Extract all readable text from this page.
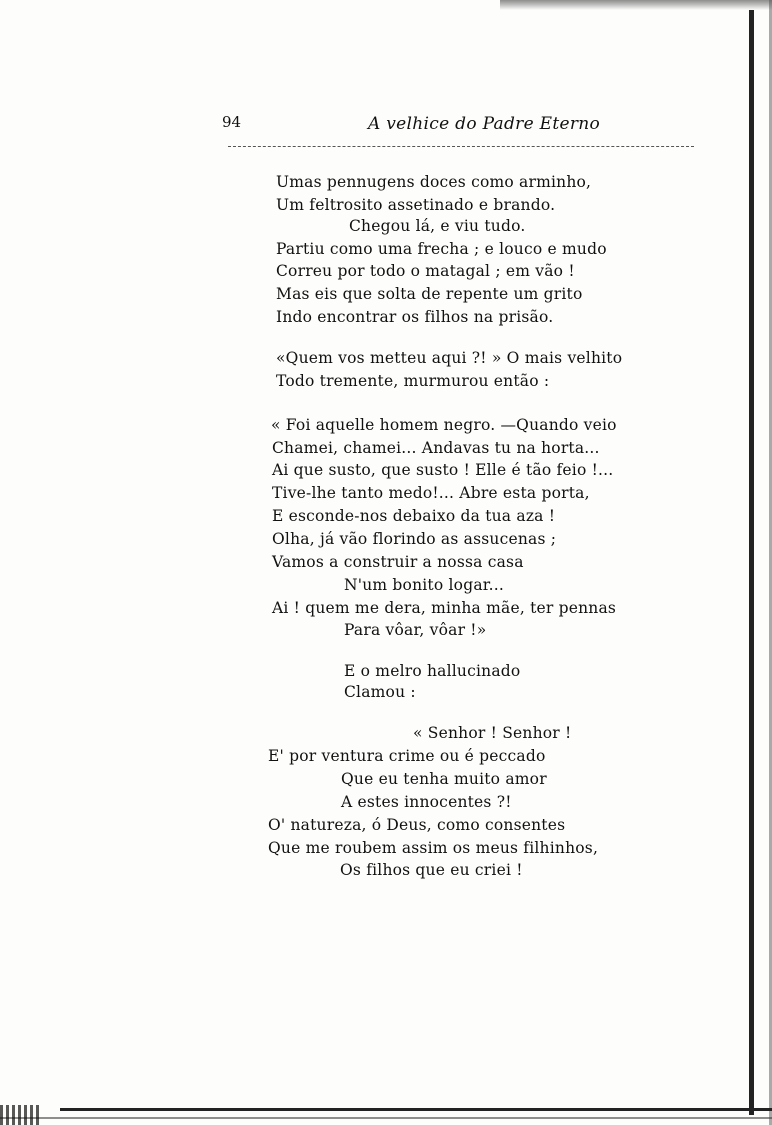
94	A velhice do Padre Eterno
Umas pennugens doces como arminho,
Um feltrosito assetinado e brando.
Chegou lá, e viu tudo.
Partiu como uma frecha ; e louco e mudo
Correu por todo o matagal ; em vão !
Mas eis que solta de repente um grito
Indo encontrar os filhos na prisão.
«Quem vos metteu aqui ?! » O mais velhito
Todo tremente, murmurou então :
« Foi aquelle homem negro. —Quando veio
Chamei, chamei... Andavas tu na horta...
Ai que susto, que susto ! Elle é tão feio !...
Tive-lhe tanto medo!... Abre esta porta,
E esconde-nos debaixo da tua aza !
Olha, já vão florindo as assucenas ;
Vamos a construir a nossa casa
N'um bonito logar...
Ai ! quem me dera, minha mãe, ter pennas
Para vôar, vôar !»
E o melro hallucinado
Clamou :
« Senhor ! Senhor !
E' por ventura crime ou é peccado
Que eu tenha muito amor
A estes innocentes ?!
O' natureza, ó Deus, como consentes
Que me roubem assim os meus filhinhos,
Os filhos que eu criei !
